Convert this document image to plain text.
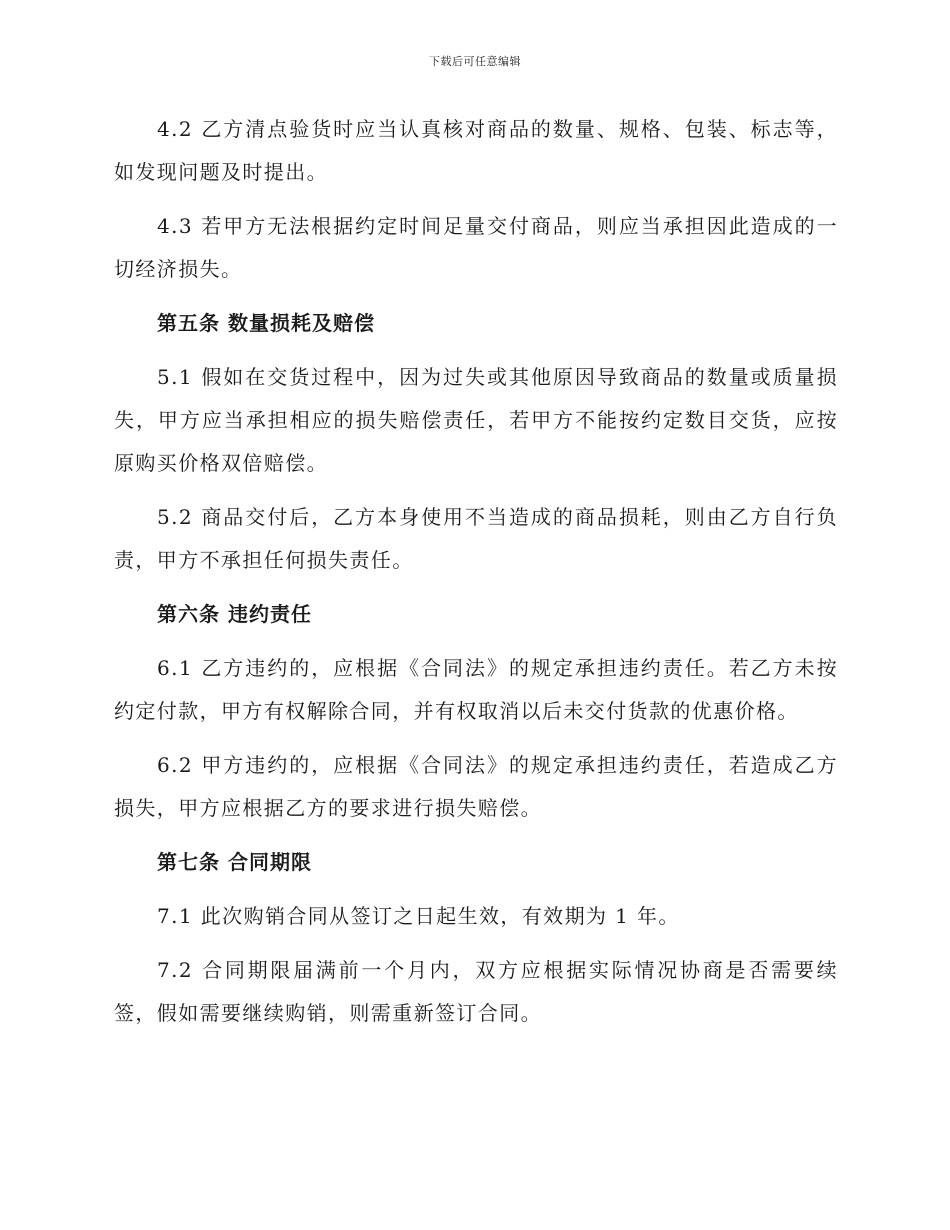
下载后可任意编辑

4.2 乙方清点验货时应当认真核对商品的数量、规格、包装、标志等，如发现问题及时提出。

4.3 若甲方无法根据约定时间足量交付商品，则应当承担因此造成的一切经济损失。

第五条 数量损耗及赔偿

5.1 假如在交货过程中，因为过失或其他原因导致商品的数量或质量损失，甲方应当承担相应的损失赔偿责任，若甲方不能按约定数目交货，应按原购买价格双倍赔偿。

5.2 商品交付后，乙方本身使用不当造成的商品损耗，则由乙方自行负责，甲方不承担任何损失责任。

第六条 违约责任

6.1 乙方违约的，应根据《合同法》的规定承担违约责任。若乙方未按约定付款，甲方有权解除合同，并有权取消以后未交付货款的优惠价格。

6.2 甲方违约的，应根据《合同法》的规定承担违约责任，若造成乙方损失，甲方应根据乙方的要求进行损失赔偿。

第七条 合同期限

7.1 此次购销合同从签订之日起生效，有效期为 1 年。

7.2 合同期限届满前一个月内，双方应根据实际情况协商是否需要续签，假如需要继续购销，则需重新签订合同。
